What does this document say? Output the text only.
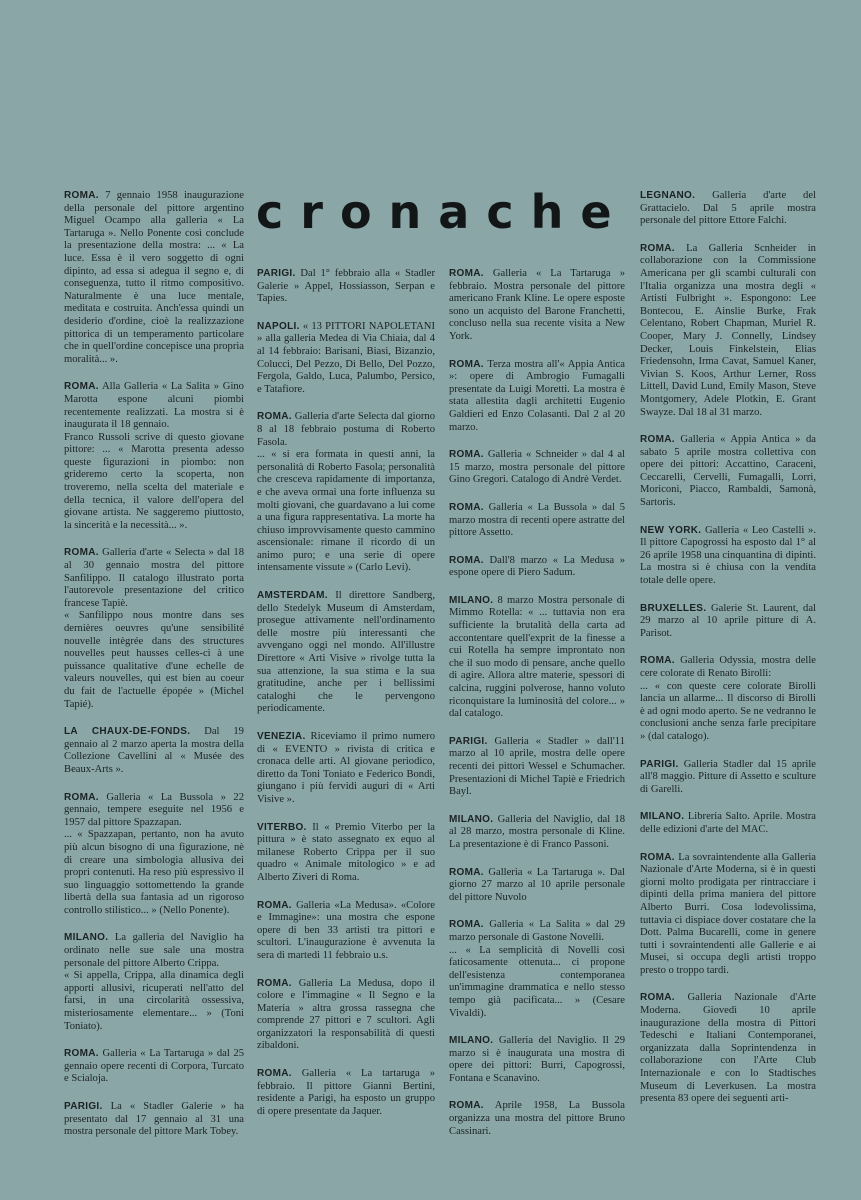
cronache

ROMA. 7 gennaio 1958 inaugurazione della personale del pittore argentino Miguel Ocampo alla galleria « La Tartaruga ». Nello Ponente così conclude la presentazione della mostra: ... « La luce. Essa è il vero soggetto di ogni dipinto, ad essa si adegua il segno e, di conseguenza, tutto il ritmo compositivo. Naturalmente è una luce mentale, meditata e costruita. Anch'essa quindi un desiderio d'ordine, cioè la realizzazione pittorica di un temperamento particolare che in quell'ordine concepisce una propria moralità... ».

ROMA. Alla Galleria « La Salita » Gino Marotta espone alcuni piombi recentemente realizzati. La mostra si è inaugurata il 18 gennaio.

Franco Russoli scrive di questo giovane pittore: ... « Marotta presenta adesso queste figurazioni in piombo: non grideremo certo la scoperta, non troveremo, nella scelta del materiale e della tecnica, il valore dell'opera del giovane artista. Ne saggeremo piuttosto, la sincerità e la necessità... ».

ROMA. Galleria d'arte « Selecta » dal 18 al 30 gennaio mostra del pittore Sanfilippo. Il catalogo illustrato porta l'autorevole presentazione del critico francese Tapiè.

« Sanfilippo nous montre dans ses dernières oeuvres qu'une sensibilité nouvelle intègrée dans des structures nouvelles peut hausses celles-ci à une puissance qualitative d'une echelle de valeurs nouvelles, qui est bien au coeur du fait de l'actuelle épopée » (Michel Tapié).

LA CHAUX-DE-FONDS. Dal 19 gennaio al 2 marzo aperta la mostra della Collezione Cavellini al « Musée des Beaux-Arts ».

ROMA. Galleria « La Bussola » 22 gennaio, tempere eseguite nel 1956 e 1957 dal pittore Spazzapan.

... « Spazzapan, pertanto, non ha avuto più alcun bisogno di una figurazione, nè di creare una simbologia allusiva dei propri contenuti. Ha reso più espressivo il suo linguaggio sottomettendo la grande libertà della sua fantasia ad un rigoroso controllo stilistico... » (Nello Ponente).

MILANO. La galleria del Naviglio ha ordinato nelle sue sale una mostra personale del pittore Alberto Crippa.

« Si appella, Crippa, alla dinamica degli apporti allusivi, ricuperati nell'atto del farsi, in una circolarità ossessiva, misteriosamente elementare... » (Toni Toniato).

ROMA. Galleria « La Tartaruga » dal 25 gennaio opere recenti di Corpora, Turcato e Scialoja.

PARIGI. La « Stadler Galerie » ha presentato dal 17 gennaio al 31 una mostra personale del pittore Mark Tobey.

PARIGI. Dal 1° febbraio alla « Stadler Galerie » Appel, Hossiasson, Serpan e Tapies.

NAPOLI. « 13 PITTORI NAPOLETANI » alla galleria Medea di Via Chiaia, dal 4 al 14 febbraio: Barisani, Biasi, Bizanzio, Colucci, Del Pezzo, Di Bello, Del Pozzo, Fergola, Galdo, Luca, Palumbo, Persico, e Tatafiore.

ROMA. Galleria d'arte Selecta dal giorno 8 al 18 febbraio postuma di Roberto Fasola.

... « si era formata in questi anni, la personalità di Roberto Fasola; personalità che cresceva rapidamente di importanza, e che aveva ormai una forte influenza su molti giovani, che guardavano a lui come a una figura rappresentativa. La morte ha chiuso improvvisamente questo cammino ascensionale: rimane il ricordo di un animo puro; e una serie di opere intensamente vissute » (Carlo Levi).

AMSTERDAM. Il direttore Sandberg, dello Stedelyk Museum di Amsterdam, prosegue attivamente nell'ordinamento delle mostre più interessanti che avvengano oggi nel mondo. All'illustre Direttore « Arti Visive » rivolge tutta la sua attenzione, la sua stima e la sua gratitudine, anche per i bellissimi cataloghi che le pervengono periodicamente.

VENEZIA. Riceviamo il primo numero di « EVENTO » rivista di critica e cronaca delle arti. Al giovane periodico, diretto da Toni Toniato e Federico Bondi, giungano i più fervidi auguri di « Arti Visive ».

VITERBO. Il « Premio Viterbo per la pittura » è stato assegnato ex equo al milanese Roberto Crippa per il suo quadro « Animale mitologico » e ad Alberto Ziveri di Roma.

ROMA. Galleria «La Medusa». «Colore e Immagine»: una mostra che espone opere di ben 33 artisti tra pittori e scultori. L'inaugurazione è avvenuta la sera di martedi 11 febbraio u.s.

ROMA. Galleria La Medusa, dopo il colore e l'immagine « Il Segno e la Materia » altra grossa rassegna che comprende 27 pittori e 7 scultori. Agli organizzatori la responsabilità di questi zibaldoni.

ROMA. Galleria « La tartaruga » febbraio. Il pittore Gianni Bertini, residente a Parigi, ha esposto un gruppo di opere presentate da Jaquer.

ROMA. Galleria « La Tartaruga » febbraio. Mostra personale del pittore americano Frank Kline. Le opere esposte sono un acquisto del Barone Franchetti, concluso nella sua recente visita a New York.

ROMA. Terza mostra all'« Appia Antica »: opere di Ambrogio Fumagalli presentate da Luigi Moretti. La mostra è stata allestita dagli architetti Eugenio Galdieri ed Enzo Colasanti. Dal 2 al 20 marzo.

ROMA. Galleria « Schneider » dal 4 al 15 marzo, mostra personale del pittore Gino Gregori. Catalogo di Andrè Verdet.

ROMA. Galleria « La Bussola » dal 5 marzo mostra di recenti opere astratte del pittore Assetto.

ROMA. Dall'8 marzo « La Medusa » espone opere di Piero Sadum.

MILANO. 8 marzo Mostra personale di Mimmo Rotella: « ... tuttavia non era sufficiente la brutalità della carta ad accontentare quell'exprit de la finesse a cui Rotella ha sempre improntato non che il suo modo di pensare, anche quello di agire. Allora altre materie, spessori di calcina, ruggini polverose, hanno voluto riconquistare la luminosità del colore... » dal catalogo.

PARIGI. Galleria « Stadler » dall'11 marzo al 10 aprile, mostra delle opere recenti dei pittori Wessel e Schumacher. Presentazioni di Michel Tapiè e Friedrich Bayl.

MILANO. Galleria del Naviglio, dal 18 al 28 marzo, mostra personale di Kline. La presentazione è di Franco Passoni.

ROMA. Galleria « La Tartaruga ». Dal giorno 27 marzo al 10 aprile personale del pittore Nuvolo

ROMA. Galleria « La Salita » dal 29 marzo personale di Gastone Novelli.

... « La semplicità di Novelli così faticosamente ottenuta... ci propone dell'esistenza contemporanea un'immagine drammatica e nello stesso tempo già pacificata... » (Cesare Vivaldi).

MILANO. Galleria del Naviglio. Il 29 marzo si è inaugurata una mostra di opere dei pittori: Burri, Capogrossi, Fontana e Scanavino.

ROMA. Aprile 1958, La Bussola organizza una mostra del pittore Bruno Cassinari.

LEGNANO. Galleria d'arte del Grattacielo. Dal 5 aprile mostra personale del pittore Ettore Falchi.

ROMA. La Galleria Scnheider in collaborazione con la Commissione Americana per gli scambi culturali con l'Italia organizza una mostra degli « Artisti Fulbright ». Espongono: Lee Bontecou, E. Ainslie Burke, Frak Celentano, Robert Chapman, Muriel R. Cooper, Mary J. Connelly, Lindsey Decker, Louis Finkelstein, Elias Friedensohn, Irma Cavat, Samuel Kaner, Vivian S. Koos, Arthur Lerner, Ross Littell, David Lund, Emily Mason, Steve Montgomery, Adele Plotkin, E. Grant Swayze. Dal 18 al 31 marzo.

ROMA. Galleria « Appia Antica » da sabato 5 aprile mostra collettiva con opere dei pittori: Accattino, Caraceni, Ceccarelli, Cervelli, Fumagalli, Lorri, Moriconi, Piacco, Rambaldi, Samonà, Sartoris.

NEW YORK. Galleria « Leo Castelli ». Il pittore Capogrossi ha esposto dal 1° al 26 aprile 1958 una cinquantina di dipinti. La mostra si è chiusa con la vendita totale delle opere.

BRUXELLES. Galerie St. Laurent, dal 29 marzo al 10 aprile pitture di A. Parisot.

ROMA. Galleria Odyssia, mostra delle cere colorate di Renato Birolli:

... « con queste cere colorate Birolli lancia un allarme... Il discorso di Birolli è ad ogni modo aperto. Se ne vedranno le conclusioni anche senza farle precipitare » (dal catalogo).

PARIGI. Galleria Stadler dal 15 aprile all'8 maggio. Pitture di Assetto e sculture di Garelli.

MILANO. Libreria Salto. Aprile. Mostra delle edizioni d'arte del MAC.

ROMA. La sovraintendente alla Galleria Nazionale d'Arte Moderna, si è in questi giorni molto prodigata per rintracciare i dipinti della prima maniera del pittore Alberto Burri. Cosa lodevolissima, tuttavia ci dispiace dover costatare che la Dott. Palma Bucarelli, come in genere tutti i sovraintendenti alle Gallerie e ai Musei, si occupa degli artisti troppo presto o troppo tardi.

ROMA. Galleria Nazionale d'Arte Moderna. Giovedì 10 aprile inaugurazione della mostra di Pittori Tedeschi e Italiani Contemporanei, organizzata dalla Soprintendenza in collaborazione con l'Arte Club Internazionale e con lo Stadtisches Museum di Leverkusen. La mostra presenta 83 opere dei seguenti arti-
